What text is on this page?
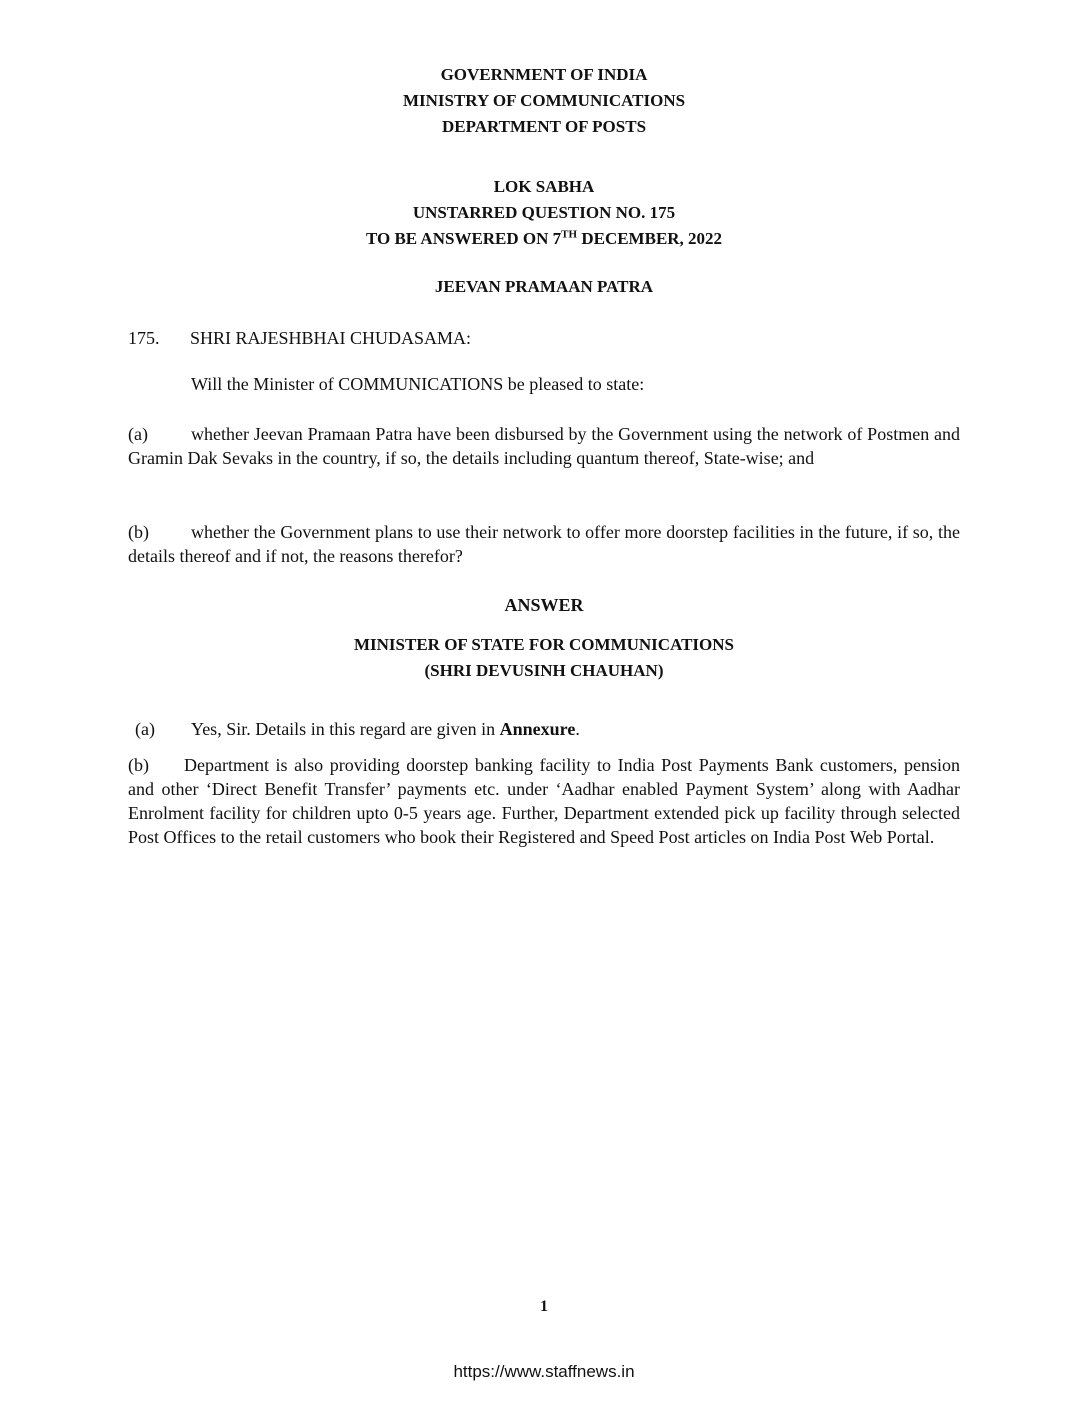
GOVERNMENT OF INDIA
MINISTRY OF COMMUNICATIONS
DEPARTMENT OF POSTS
LOK SABHA
UNSTARRED QUESTION NO. 175
TO BE ANSWERED ON 7TH DECEMBER, 2022
JEEVAN PRAMAAN PATRA
175. SHRI RAJESHBHAI CHUDASAMA:
Will the Minister of COMMUNICATIONS be pleased to state:
(a) whether Jeevan Pramaan Patra have been disbursed by the Government using the network of Postmen and Gramin Dak Sevaks in the country, if so, the details including quantum thereof, State-wise; and
(b) whether the Government plans to use their network to offer more doorstep facilities in the future, if so, the details thereof and if not, the reasons therefor?
ANSWER
MINISTER OF STATE FOR COMMUNICATIONS
(SHRI DEVUSINH CHAUHAN)
(a) Yes, Sir. Details in this regard are given in Annexure.
(b) Department is also providing doorstep banking facility to India Post Payments Bank customers, pension and other ‘Direct Benefit Transfer’ payments etc. under ‘Aadhar enabled Payment System’ along with Aadhar Enrolment facility for children upto 0-5 years age. Further, Department extended pick up facility through selected Post Offices to the retail customers who book their Registered and Speed Post articles on India Post Web Portal.
1
https://www.staffnews.in
